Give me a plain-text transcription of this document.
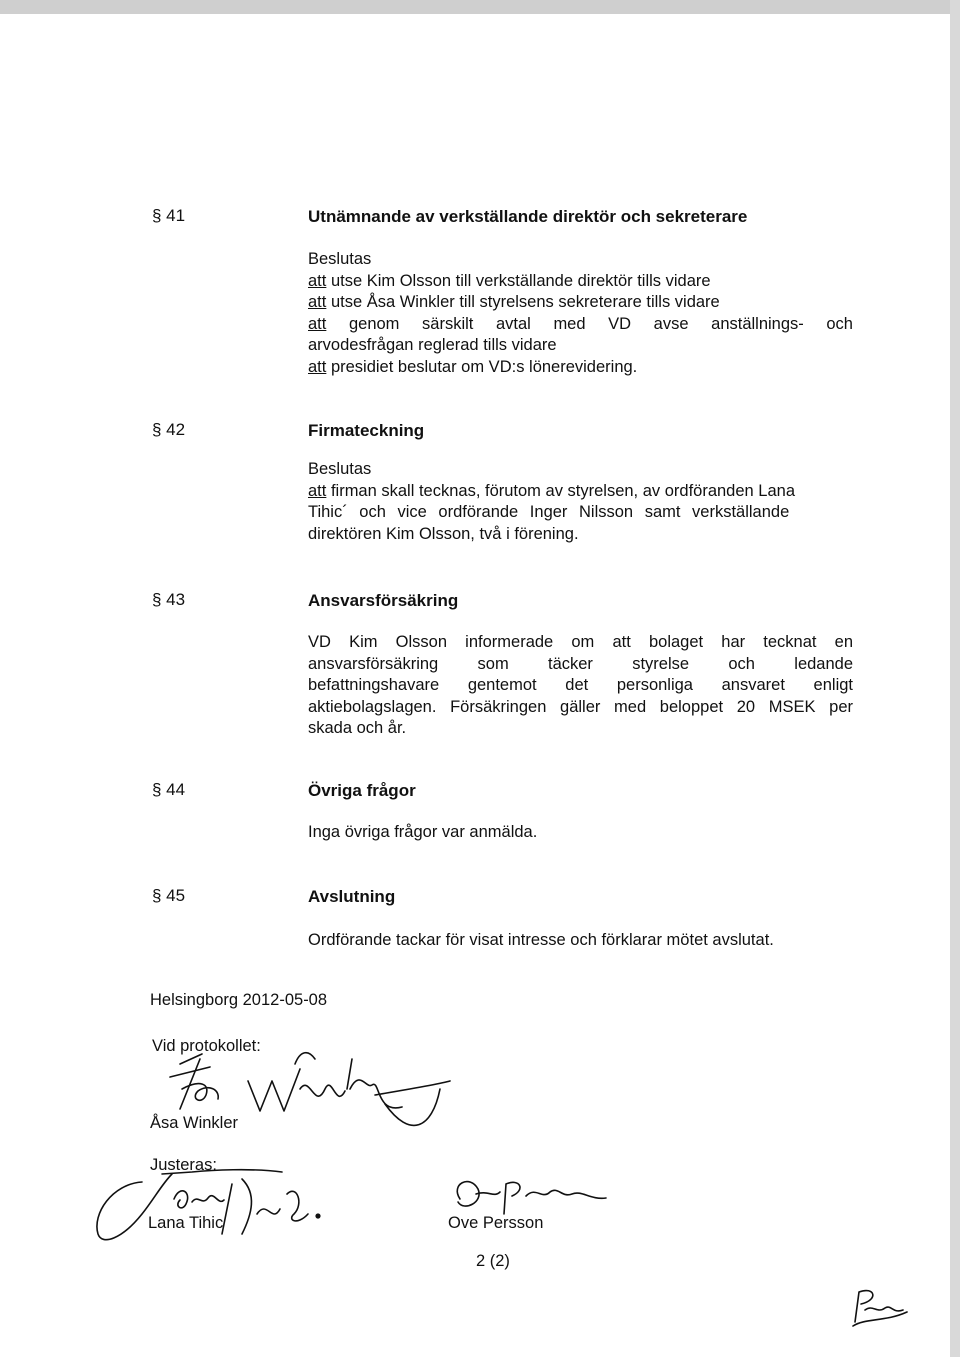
§ 41	Utnämnande av verkställande direktör och sekreterare
Beslutas
att utse Kim Olsson till verkställande direktör tills vidare
att utse Åsa Winkler till styrelsens sekreterare tills vidare
att genom särskilt avtal med VD avse anställnings- och
arvodesfrågan reglerad tills vidare
att presidiet beslutar om VD:s lönerevidering.
§ 42	Firmateckning
Beslutas
att firman skall tecknas, förutom av styrelsen, av ordföranden Lana
Tihic´ och vice ordförande Inger Nilsson samt verkställande
direktören Kim Olsson, två i förening.
§ 43	Ansvarsförsäkring
VD Kim Olsson informerade om att bolaget har tecknat en
ansvarsförsäkring som täcker styrelse och ledande
befattningshavare gentemot det personliga ansvaret enligt
aktiebolagslagen. Försäkringen gäller med beloppet 20 MSEK per
skada och år.
§ 44	Övriga frågor
Inga övriga frågor var anmälda.
§ 45	Avslutning
Ordförande tackar för visat intresse och förklarar mötet avslutat.
Helsingborg 2012-05-08
Vid protokollet:
Åsa Winkler
Justeras:
Lana Tihic	Ove Persson
2 (2)
